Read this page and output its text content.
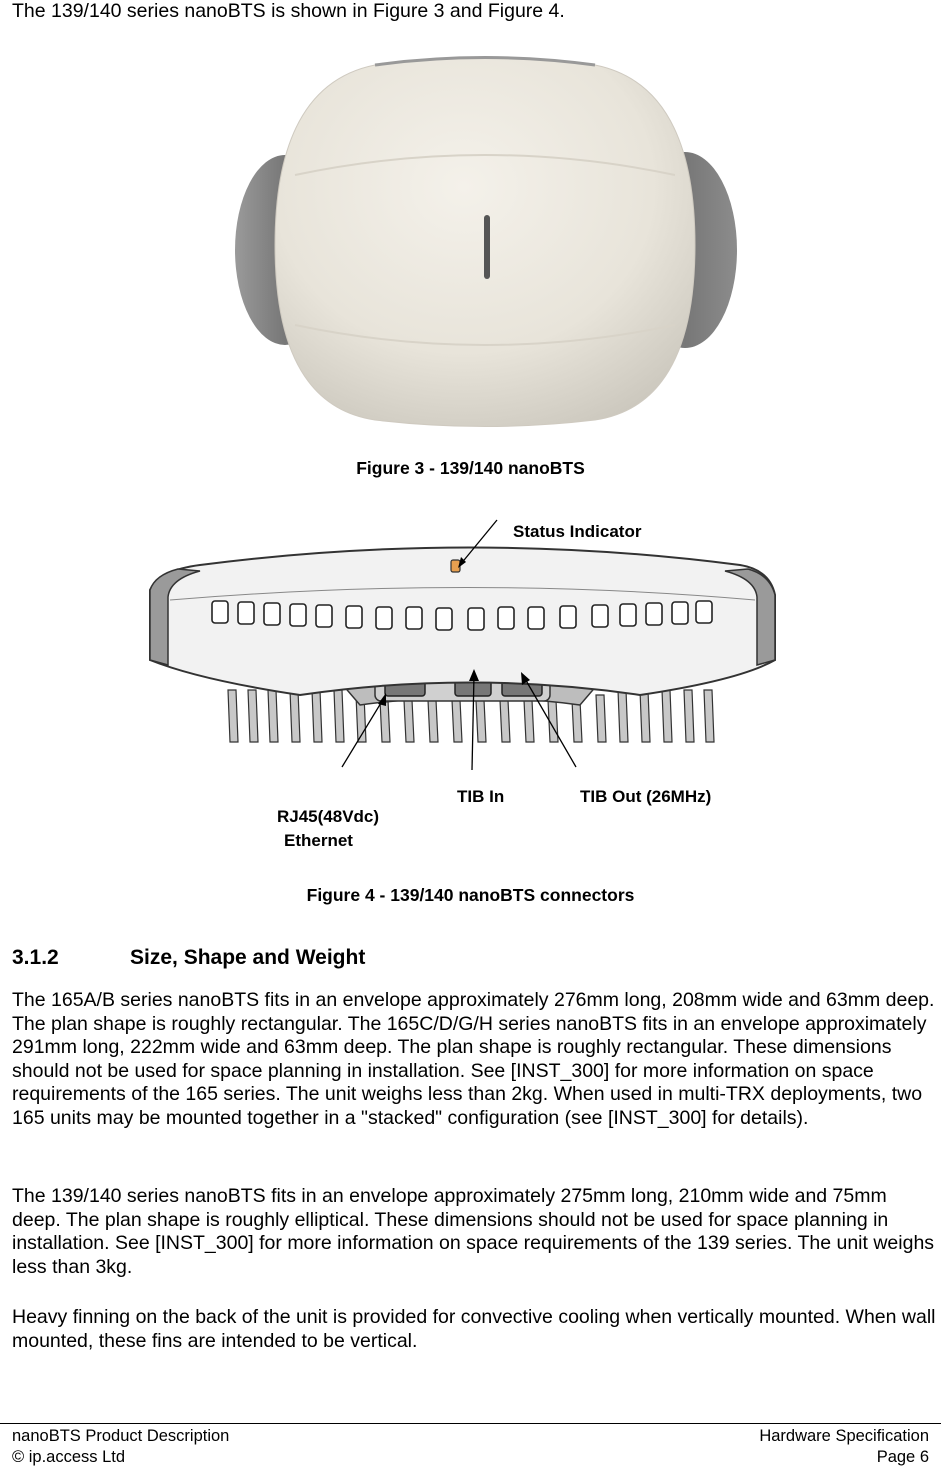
The 139/140 series nanoBTS is shown in Figure 3 and Figure 4.

Figure 3 - 139/140 nanoBTS
Status Indicator
TIB In	TIB Out (26MHz)
RJ45(48Vdc)
Ethernet
Figure 4 - 139/140 nanoBTS connectors
3.1.2	Size, Shape and Weight

The 165A/B series nanoBTS fits in an envelope approximately 276mm long, 208mm wide and 63mm deep. The plan shape is roughly rectangular. The 165C/D/G/H series nanoBTS fits in an envelope approximately 291mm long, 222mm wide and 63mm deep. The plan shape is roughly rectangular. These dimensions should not be used for space planning in installation. See [INST_300] for more information on space requirements of the 165 series. The unit weighs less than 2kg. When used in multi-TRX deployments, two 165 units may be mounted together in a "stacked" configuration (see [INST_300] for details).

The 139/140 series nanoBTS fits in an envelope approximately 275mm long, 210mm wide and 75mm deep. The plan shape is roughly elliptical. These dimensions should not be used for space planning in installation. See [INST_300] for more information on space requirements of the 139 series. The unit weighs less than 3kg.

Heavy finning on the back of the unit is provided for convective cooling when vertically mounted. When wall mounted, these fins are intended to be vertical.

nanoBTS Product Description	Hardware Specification
© ip.access Ltd	Page 6
